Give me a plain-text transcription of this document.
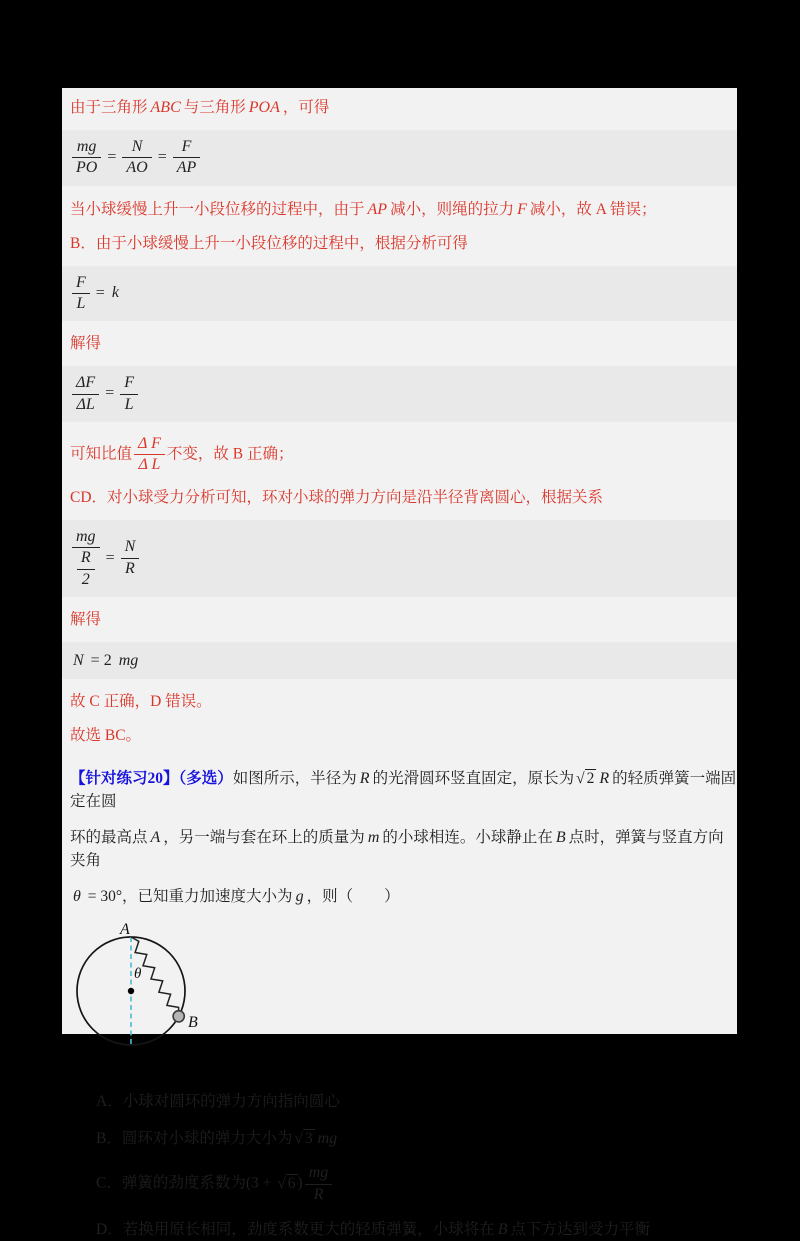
由于三角形 ABC 与三角形 POA ，可得
$\frac{mg}{PO} = \frac{N}{AO} = \frac{F}{AP}$
当小球缓慢上升一小段位移的过程中，由于 AP 减小，则绳的拉力 F 减小，故 A 错误；
B．由于小球缓慢上升一小段位移的过程中，根据分析可得
$\frac{F}{L} = k$
解得
$\frac{\Delta F}{\Delta L} = \frac{F}{L}$
可知比值 $\frac{\text{Δ F}}{\text{Δ L}}$ 不变，故 B 正确；
CD．对小球受力分析可知，环对小球的弹力方向是沿半径背离圆心，根据关系
$\frac{mg}{\frac{R}{2}} = \frac{N}{R}$
解得
N = 2 mg
故 C 正确，D 错误。
故选 BC。
【针对练习20】（多选）如图所示，半径为 R 的光滑圆环竖直固定，原长为 √ 2 R 的轻质弹簧一端固定在圆
环的最高点 A ，另一端与套在环上的质量为 m 的小球相连。小球静止在 B 点时，弹簧与竖直方向夹角
θ = 30°，已知重力加速度大小为 g ，则（　　）
A
θ
B
A．小球对圆环的弹力方向指向圆心
B．圆环对小球的弹力大小为 √ 3 mg
C．弹簧的劲度系数为(3 + √ 6 ) $\frac{mg}{R}$
D．若换用原长相同，劲度系数更大的轻质弹簧，小球将在 B 点下方达到受力平衡
